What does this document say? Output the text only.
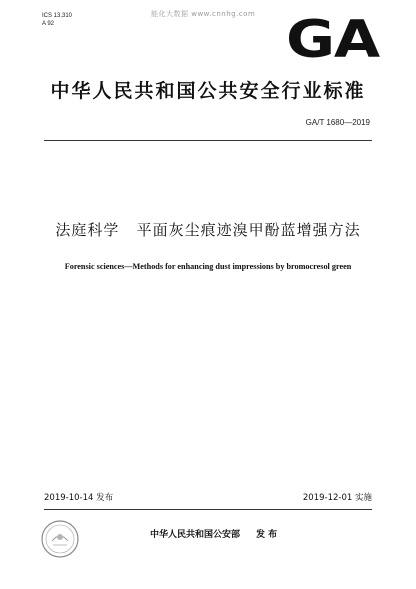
ICS 13.310
A 92
能化大数据 www.cnnhg.com GA
中华人民共和国公共安全行业标准
GA/T 1680—2019
法庭科学   平面灰尘痕迹溴甲酚蓝增强方法
Forensic sciences—Methods for enhancing dust impressions by bromocresol green
2019-10-14 发布	2019-12-01 实施
中华人民共和国公安部 发 布
